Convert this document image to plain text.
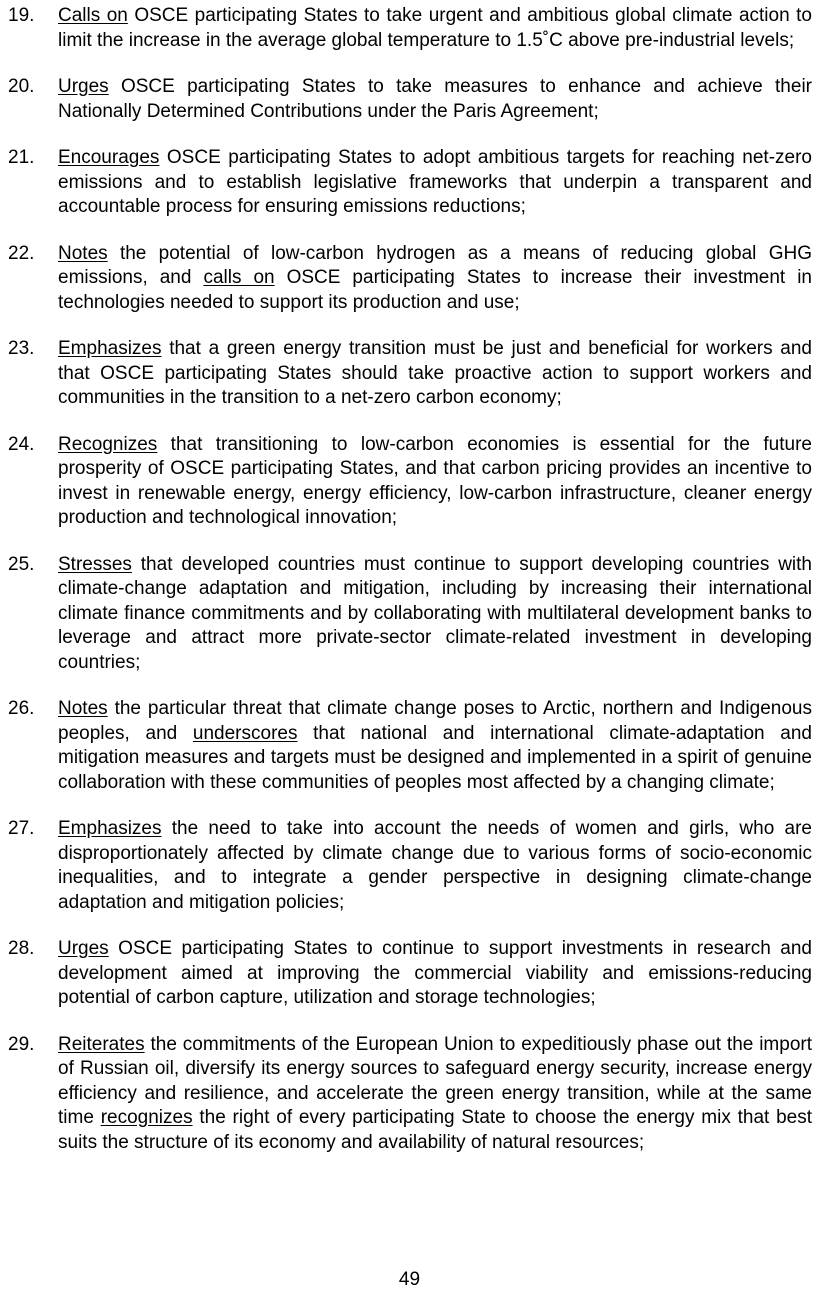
19.	Calls on OSCE participating States to take urgent and ambitious global climate action to limit the increase in the average global temperature to 1.5˚C above pre-industrial levels;
20.	Urges OSCE participating States to take measures to enhance and achieve their Nationally Determined Contributions under the Paris Agreement;
21.	Encourages OSCE participating States to adopt ambitious targets for reaching net-zero emissions and to establish legislative frameworks that underpin a transparent and accountable process for ensuring emissions reductions;
22.	Notes the potential of low-carbon hydrogen as a means of reducing global GHG emissions, and calls on OSCE participating States to increase their investment in technologies needed to support its production and use;
23.	Emphasizes that a green energy transition must be just and beneficial for workers and that OSCE participating States should take proactive action to support workers and communities in the transition to a net-zero carbon economy;
24.	Recognizes that transitioning to low-carbon economies is essential for the future prosperity of OSCE participating States, and that carbon pricing provides an incentive to invest in renewable energy, energy efficiency, low-carbon infrastructure, cleaner energy production and technological innovation;
25.	Stresses that developed countries must continue to support developing countries with climate-change adaptation and mitigation, including by increasing their international climate finance commitments and by collaborating with multilateral development banks to leverage and attract more private-sector climate-related investment in developing countries;
26.	Notes the particular threat that climate change poses to Arctic, northern and Indigenous peoples, and underscores that national and international climate-adaptation and mitigation measures and targets must be designed and implemented in a spirit of genuine collaboration with these communities of peoples most affected by a changing climate;
27.	Emphasizes the need to take into account the needs of women and girls, who are disproportionately affected by climate change due to various forms of socio-economic inequalities, and to integrate a gender perspective in designing climate-change adaptation and mitigation policies;
28.	Urges OSCE participating States to continue to support investments in research and development aimed at improving the commercial viability and emissions-reducing potential of carbon capture, utilization and storage technologies;
29.	Reiterates the commitments of the European Union to expeditiously phase out the import of Russian oil, diversify its energy sources to safeguard energy security, increase energy efficiency and resilience, and accelerate the green energy transition, while at the same time recognizes the right of every participating State to choose the energy mix that best suits the structure of its economy and availability of natural resources;
49
